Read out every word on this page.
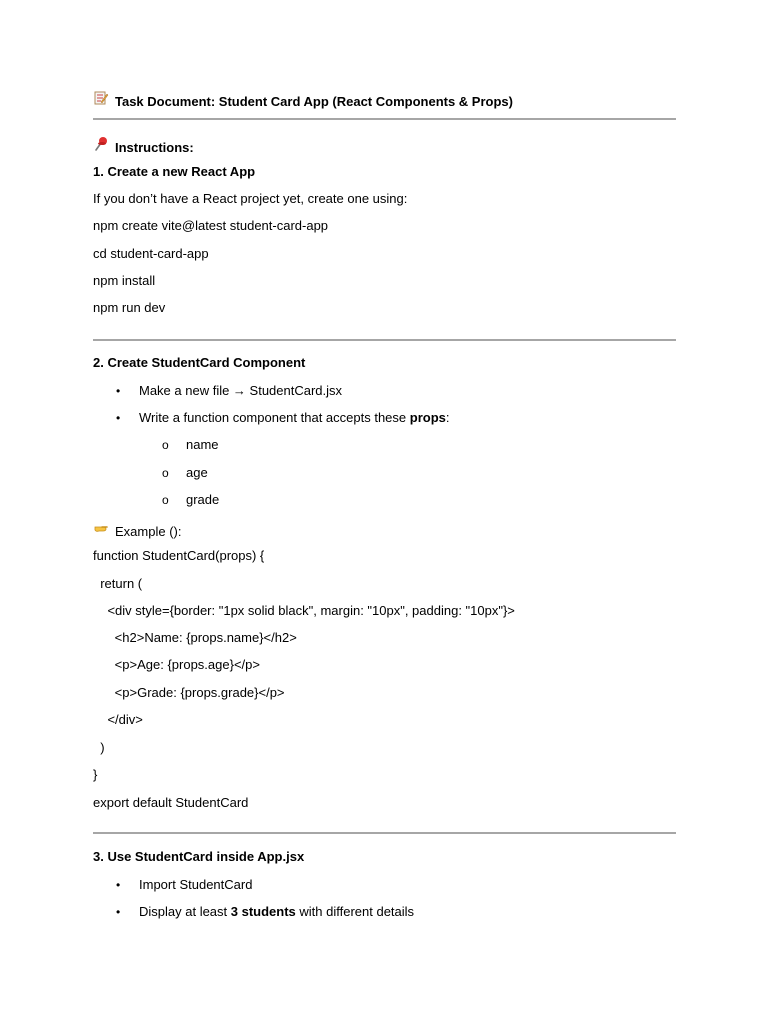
Task Document: Student Card App (React Components & Props)
Instructions:
1. Create a new React App
If you don’t have a React project yet, create one using:
npm create vite@latest student-card-app
cd student-card-app
npm install
npm run dev
2. Create StudentCard Component
• Make a new file → StudentCard.jsx
• Write a function component that accepts these props:
o name
o age
o grade
Example ():
function StudentCard(props) {
return (
<div style={border: "1px solid black", margin: "10px", padding: "10px"}>
<h2>Name: {props.name}</h2>
<p>Age: {props.age}</p>
<p>Grade: {props.grade}</p>
</div>
)
}
export default StudentCard
3. Use StudentCard inside App.jsx
• Import StudentCard
• Display at least 3 students with different details
